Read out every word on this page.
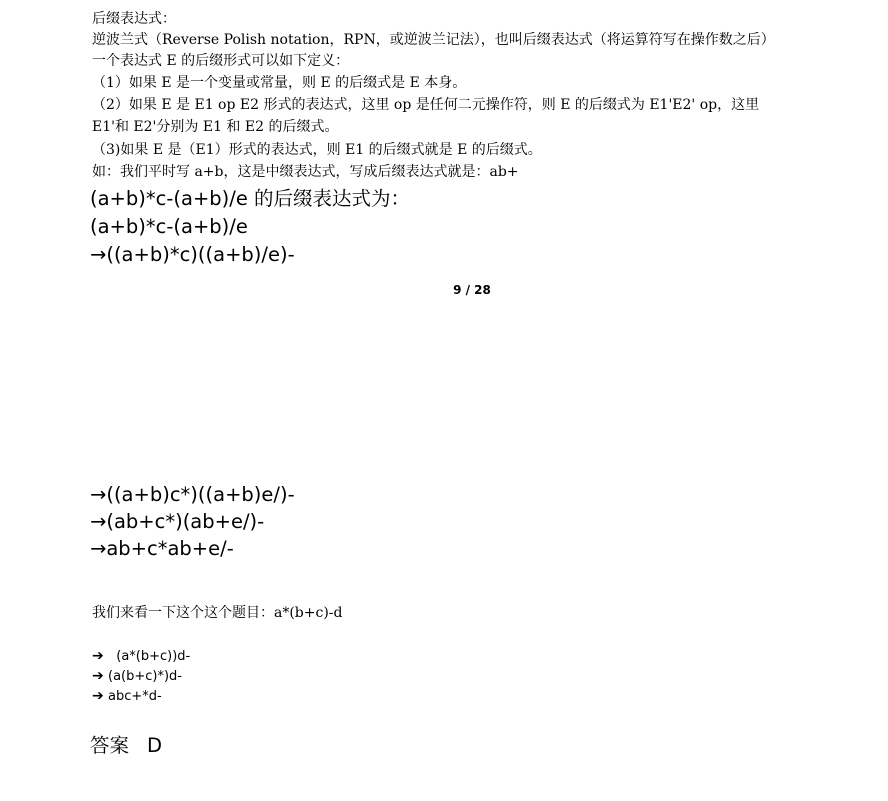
后缀表达式：
逆波兰式（Reverse Polish notation，RPN，或逆波兰记法），也叫后缀表达式（将运算符写在操作数之后）
一个表达式 E 的后缀形式可以如下定义：
（1）如果 E 是一个变量或常量，则 E 的后缀式是 E 本身。
（2）如果 E 是 E1 op E2 形式的表达式，这里 op 是任何二元操作符，则 E 的后缀式为 E1'E2' op，这里
E1'和 E2'分别为 E1 和 E2 的后缀式。
（3)如果 E 是（E1）形式的表达式，则 E1 的后缀式就是 E 的后缀式。
如：我们平时写 a+b，这是中缀表达式，写成后缀表达式就是：ab+
(a+b)*c-(a+b)/e 的后缀表达式为：
(a+b)*c-(a+b)/e
→((a+b)*c)((a+b)/e)-
9 / 28
→((a+b)c*)((a+b)e/)-
→(ab+c*)(ab+e/)-
→ab+c*ab+e/-
我们来看一下这个这个题目：a*(b+c)-d
➔  (a*(b+c))d-
➔ (a(b+c)*)d-
➔ abc+*d-
答案 D
